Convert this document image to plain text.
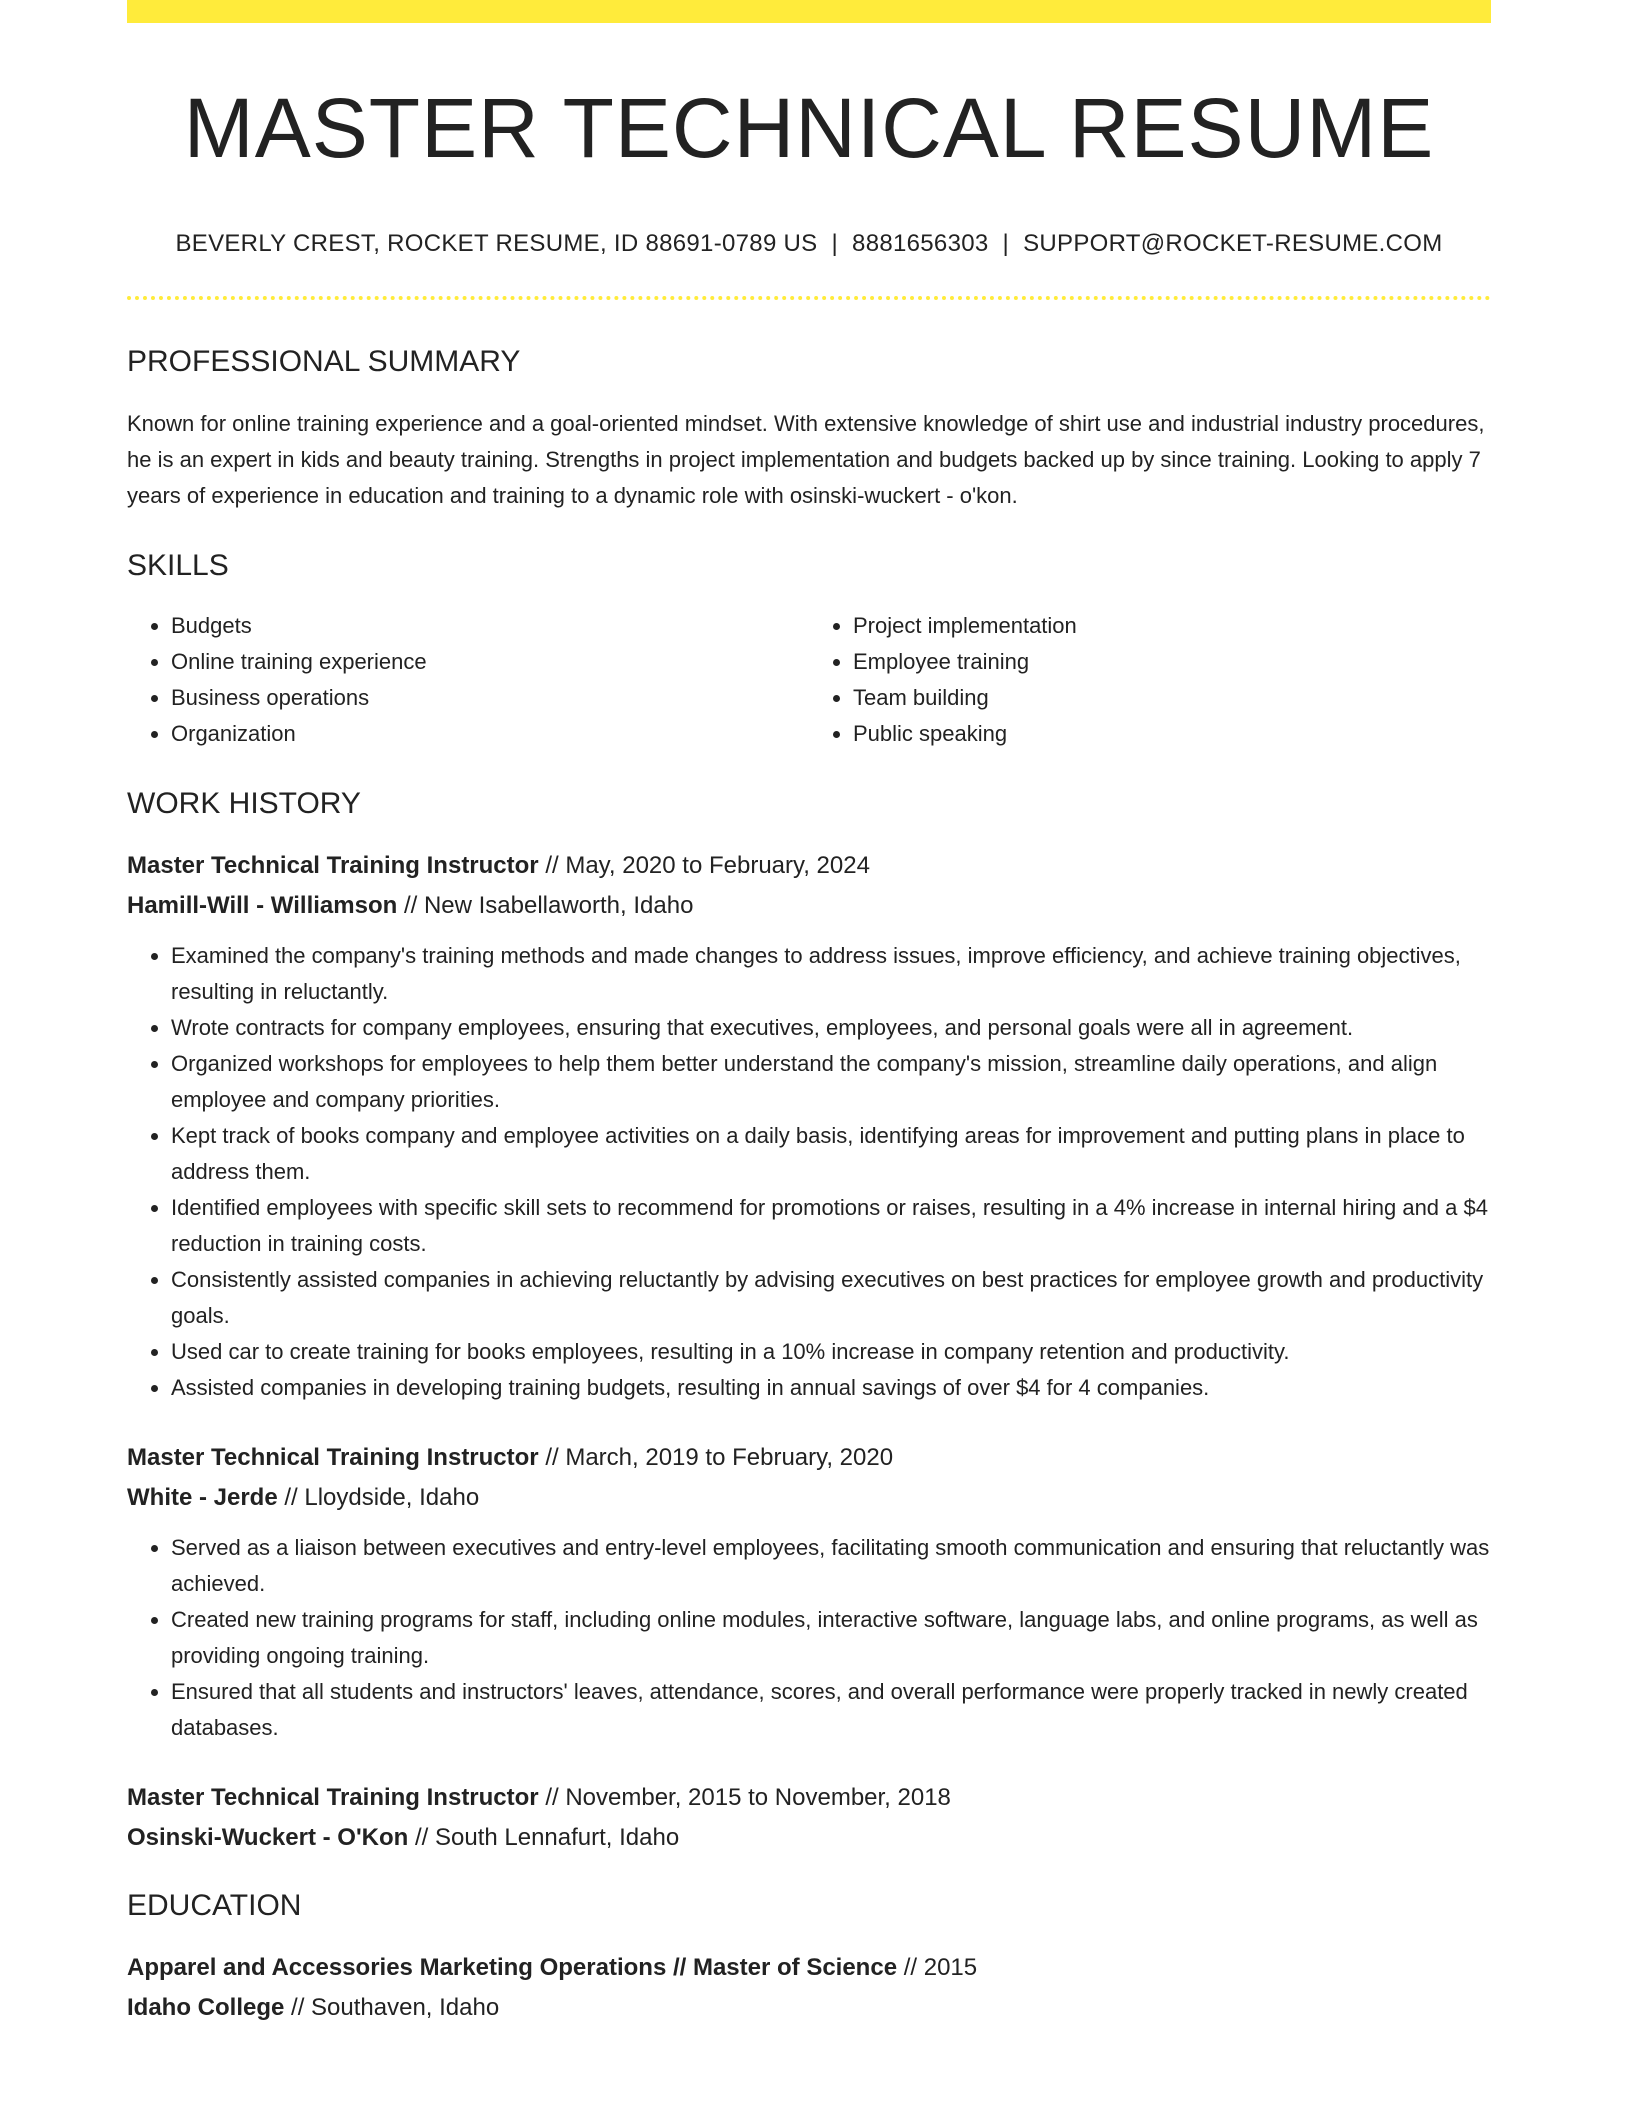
MASTER TECHNICAL RESUME
BEVERLY CREST, ROCKET RESUME, ID 88691-0789 US | 8881656303 | SUPPORT@ROCKET-RESUME.COM
PROFESSIONAL SUMMARY

Known for online training experience and a goal-oriented mindset. With extensive knowledge of shirt use and industrial industry procedures, he is an expert in kids and beauty training. Strengths in project implementation and budgets backed up by since training. Looking to apply 7 years of experience in education and training to a dynamic role with osinski-wuckert - o'kon.

SKILLS
• Budgets
• Online training experience
• Business operations
• Organization
• Project implementation
• Employee training
• Team building
• Public speaking
WORK HISTORY
Master Technical Training Instructor // May, 2020 to February, 2024
Hamill-Will - Williamson // New Isabellaworth, Idaho
• Examined the company's training methods and made changes to address issues, improve efficiency, and achieve training objectives, resulting in reluctantly.
• Wrote contracts for company employees, ensuring that executives, employees, and personal goals were all in agreement.
• Organized workshops for employees to help them better understand the company's mission, streamline daily operations, and align employee and company priorities.
• Kept track of books company and employee activities on a daily basis, identifying areas for improvement and putting plans in place to address them.
• Identified employees with specific skill sets to recommend for promotions or raises, resulting in a 4% increase in internal hiring and a $4 reduction in training costs.
• Consistently assisted companies in achieving reluctantly by advising executives on best practices for employee growth and productivity goals.
• Used car to create training for books employees, resulting in a 10% increase in company retention and productivity.
• Assisted companies in developing training budgets, resulting in annual savings of over $4 for 4 companies.
Master Technical Training Instructor // March, 2019 to February, 2020
White - Jerde // Lloydside, Idaho
• Served as a liaison between executives and entry-level employees, facilitating smooth communication and ensuring that reluctantly was achieved.
• Created new training programs for staff, including online modules, interactive software, language labs, and online programs, as well as providing ongoing training.
• Ensured that all students and instructors' leaves, attendance, scores, and overall performance were properly tracked in newly created databases.
Master Technical Training Instructor // November, 2015 to November, 2018
Osinski-Wuckert - O'Kon // South Lennafurt, Idaho
EDUCATION
Apparel and Accessories Marketing Operations // Master of Science // 2015
Idaho College // Southaven, Idaho
